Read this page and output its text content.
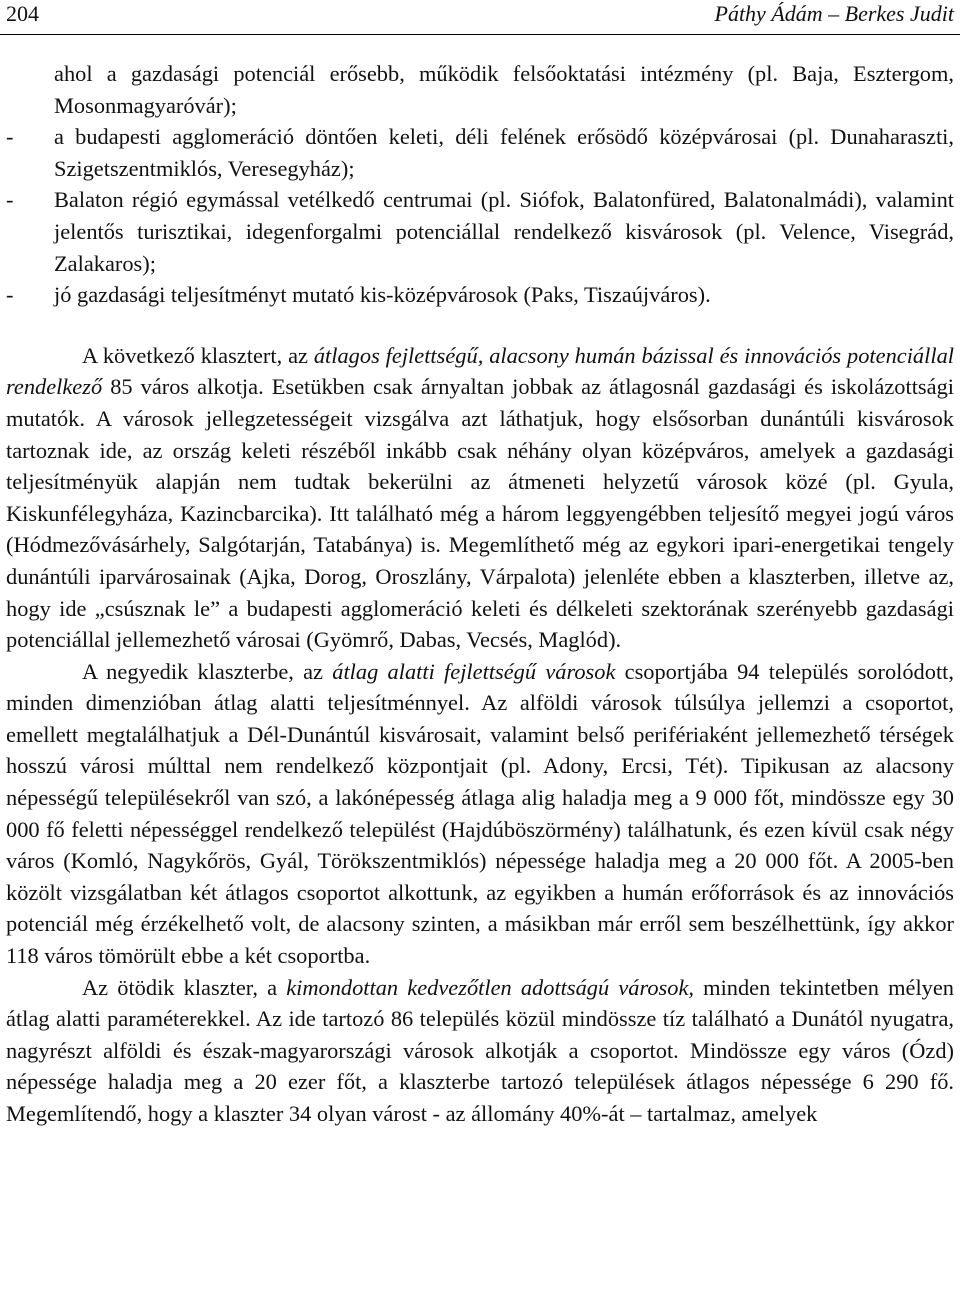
204	Páthy Ádám – Berkes Judit

ahol a gazdasági potenciál erősebb, működik felsőoktatási intézmény (pl. Baja, Esztergom, Mosonmagyaróvár);

- a budapesti agglomeráció döntően keleti, déli felének erősödő középvárosai (pl. Dunaharaszti, Szigetszentmiklós, Veresegyház);

- Balaton régió egymással vetélkedő centrumai (pl. Siófok, Balatonfüred, Balatonalmádi), valamint jelentős turisztikai, idegenforgalmi potenciállal rendelkező kisvárosok (pl. Velence, Visegrád, Zalakaros);

- jó gazdasági teljesítményt mutató kis-középvárosok (Paks, Tiszaújváros).

A következő klasztert, az átlagos fejlettségű, alacsony humán bázissal és innovációs potenciállal rendelkező 85 város alkotja. Esetükben csak árnyaltan jobbak az átlagosnál gazdasági és iskolázottsági mutatók. A városok jellegzetességeit vizsgálva azt láthatjuk, hogy elsősorban dunántúli kisvárosok tartoznak ide, az ország keleti részéből inkább csak néhány olyan középváros, amelyek a gazdasági teljesítményük alapján nem tudtak bekerülni az átmeneti helyzetű városok közé (pl. Gyula, Kiskunfélegyháza, Kazincbarcika). Itt található még a három leggyengébben teljesítő megyei jogú város (Hódmezővásárhely, Salgótarján, Tatabánya) is. Megemlíthető még az egykori ipari-energetikai tengely dunántúli iparvárosainak (Ajka, Dorog, Oroszlány, Várpalota) jelenléte ebben a klaszterben, illetve az, hogy ide „csúsznak le” a budapesti agglomeráció keleti és délkeleti szektorának szerényebb gazdasági potenciállal jellemezhető városai (Gyömrő, Dabas, Vecsés, Maglód).

A negyedik klaszterbe, az átlag alatti fejlettségű városok csoportjába 94 település sorolódott, minden dimenzióban átlag alatti teljesítménnyel. Az alföldi városok túlsúlya jellemzi a csoportot, emellett megtalálhatjuk a Dél-Dunántúl kisvárosait, valamint belső perifériaként jellemezhető térségek hosszú városi múlttal nem rendelkező központjait (pl. Adony, Ercsi, Tét). Tipikusan az alacsony népességű településekről van szó, a lakónépesség átlaga alig haladja meg a 9 000 főt, mindössze egy 30 000 fő feletti népességgel rendelkező települést (Hajdúböszörmény) találhatunk, és ezen kívül csak négy város (Komló, Nagykőrös, Gyál, Törökszentmiklós) népessége haladja meg a 20 000 főt. A 2005-ben közölt vizsgálatban két átlagos csoportot alkottunk, az egyikben a humán erőforrások és az innovációs potenciál még érzékelhető volt, de alacsony szinten, a másikban már erről sem beszélhettünk, így akkor 118 város tömörült ebbe a két csoportba.

Az ötödik klaszter, a kimondottan kedvezőtlen adottságú városok, minden tekintetben mélyen átlag alatti paraméterekkel. Az ide tartozó 86 település közül mindössze tíz található a Dunától nyugatra, nagyrészt alföldi és észak-magyarországi városok alkotják a csoportot. Mindössze egy város (Ózd) népessége haladja meg a 20 ezer főt, a klaszterbe tartozó települések átlagos népessége 6 290 fő. Megemlítendő, hogy a klaszter 34 olyan várost - az állomány 40%-át – tartalmaz, amelyek
